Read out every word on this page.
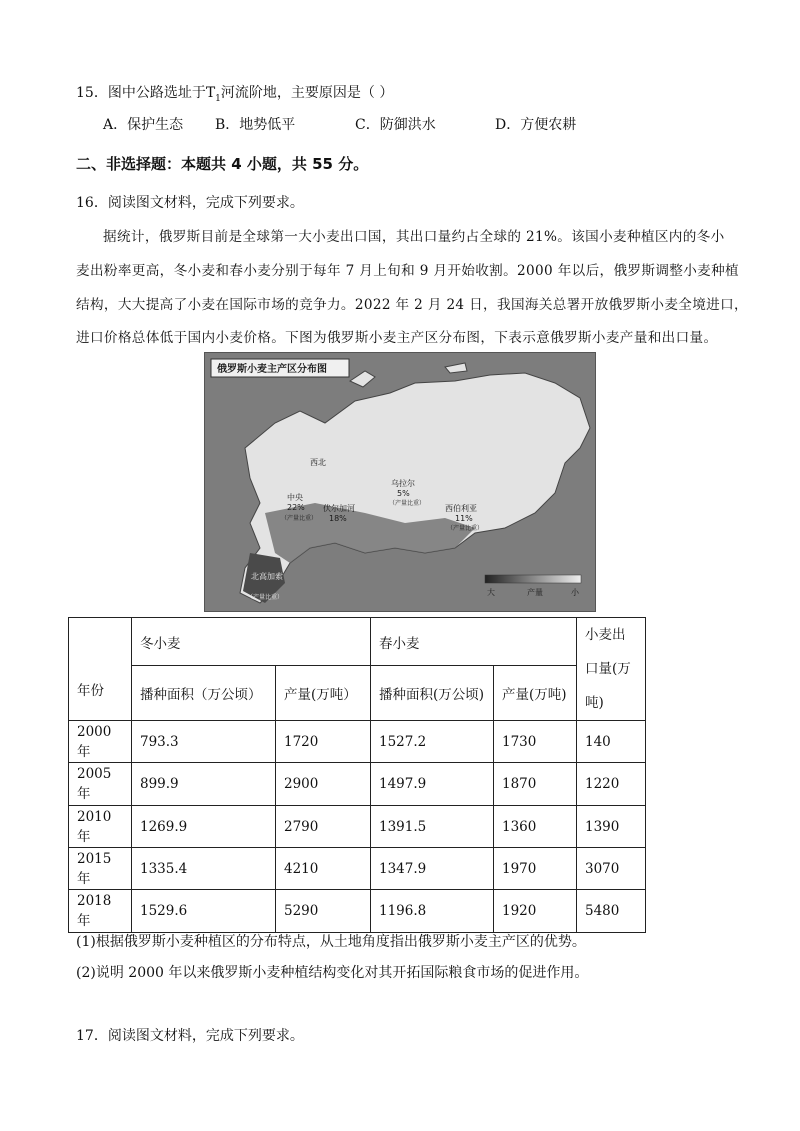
15．图中公路选址于$T_1$河流阶地，主要原因是（ ）
A．保护生态 B．地势低平	C．防御洪水	D．方便农耕
二、非选择题：本题共 4 小题，共 55 分。
16．阅读图文材料，完成下列要求。
据统计，俄罗斯目前是全球第一大小麦出口国，其出口量约占全球的 21%。该国小麦种植区内的冬小
麦出粉率更高，冬小麦和春小麦分别于每年 7 月上旬和 9 月开始收割。2000 年以后，俄罗斯调整小麦种植
结构，大大提高了小麦在国际市场的竞争力。2022 年 2 月 24 日，我国海关总署开放俄罗斯小麦全境进口，
进口价格总体低于国内小麦价格。下图为俄罗斯小麦主产区分布图，下表示意俄罗斯小麦产量和出口量。
俄罗斯小麦主产区分布图
西北
中央
22%
（产量比重）
伏尔加河
18%
乌拉尔
5%
（产量比重）
西伯利亚
11%
（产量比重）
北高加索
（产量比重）
大	产量	小
年份	冬小麦		春小麦		小麦出口量(万吨)
	播种面积（万公顷）	产量(万吨）	播种面积(万公顷)	产量(万吨)	
2000 年	793.3	1720	1527.2	1730	140
2005 年	899.9	2900	1497.9	1870	1220
2010 年	1269.9	2790	1391.5	1360	1390
2015 年	1335.4	4210	1347.9	1970	3070
2018 年	1529.6	5290	1196.8	1920	5480
(1)根据俄罗斯小麦种植区的分布特点，从土地角度指出俄罗斯小麦主产区的优势。
(2)说明 2000 年以来俄罗斯小麦种植结构变化对其开拓国际粮食市场的促进作用。
17．阅读图文材料，完成下列要求。
